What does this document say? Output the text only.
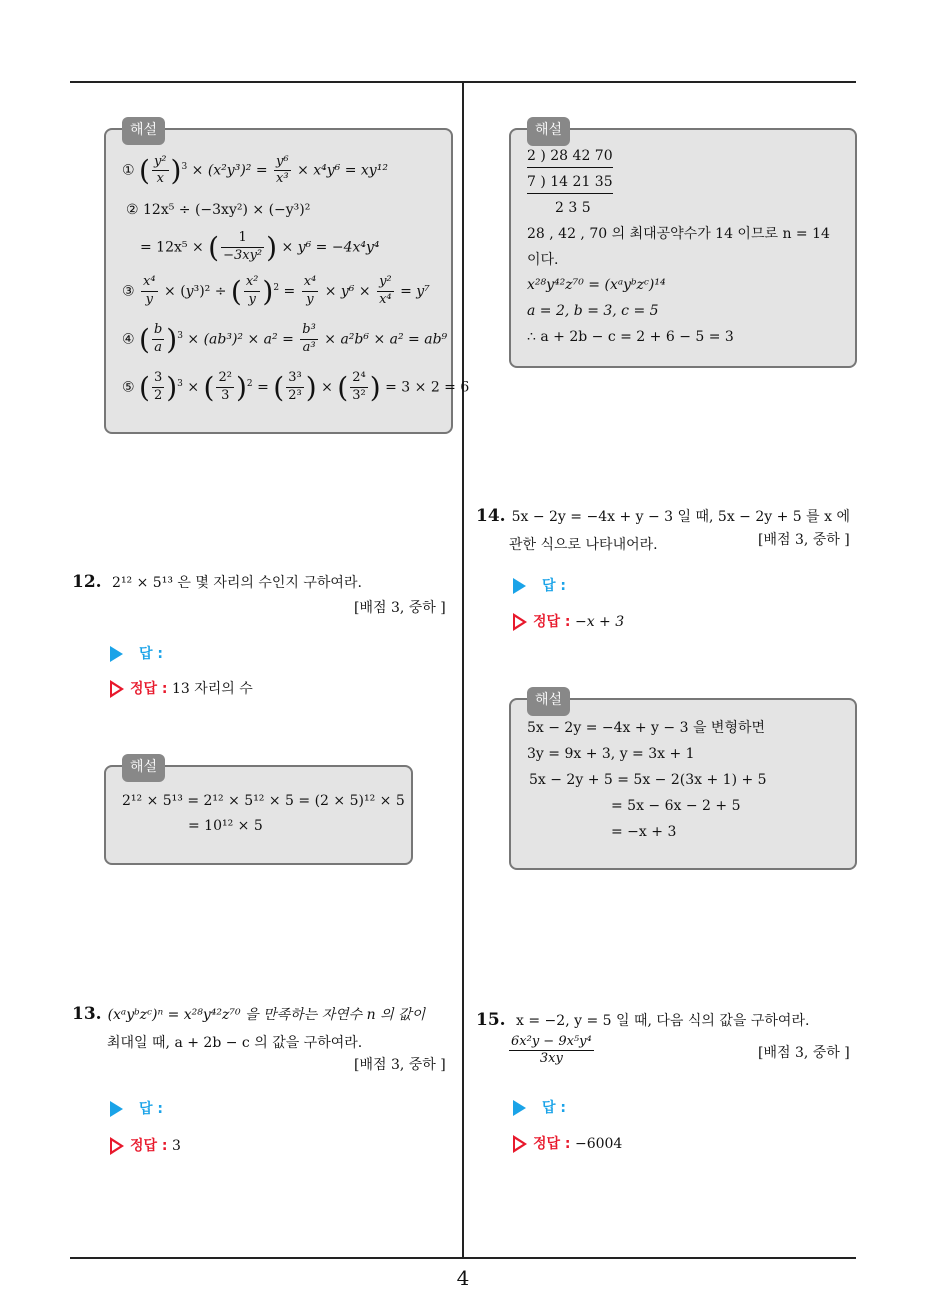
해설
① ( $\frac{\text{y²}}{x} )^3 \times (x^2y^3)^2 = \frac{\text{y⁶}}{\text{x³}} \times x^4y^6 = xy^{12}$
② 12x⁵ ÷ (−3xy²) × (−y³)²
= 12x⁵ × ( $\frac{1}{\text{−3xy²}}$ ) × y⁶ = −4x⁴y⁴
③ $\frac{\text{x⁴}}{y} \times (y^3)^2$ ÷ ( $\frac{\text{x²}}{y} )^2 = \frac{\text{x⁴}}{y} \times y^6 \times \frac{\text{y²}}{\text{x⁴}} = y^7$
④ ( $\frac{b}{a} )^3 \times (ab^3)^2 \times a^2 = \frac{\text{b³}}{\text{a³}} \times a^2b^6 \times a^2 = ab^9$
⑤ ( $\frac{3}{2} )^3$ × ( $\frac{\text{2²}}{3} )^2$ = ( $\frac{\text{3³}}{\text{2³}}$ ) × ( $\frac{\text{2⁴}}{\text{3²}}$ ) = 3 × 2 = 6
해설
2 ) 28 42 70
7 ) 14 21 35
2 3 5
28 , 42 , 70 의 최대공약수가 14 이므로 n = 14
이다.
x²⁸y⁴²z⁷⁰ = (xᵃyᵇzᶜ)¹⁴
a = 2, b = 3, c = 5
∴ a + 2b − c = 2 + 6 − 5 = 3
12. 2¹² × 5¹³ 은 몇 자리의 수인지 구하여라.
[배점 3, 중하 ]
답 :
정답 : 13 자리의 수
해설
2¹² × 5¹³ = 2¹² × 5¹² × 5 = (2 × 5)¹² × 5
= 10¹² × 5
13. (xᵃyᵇzᶜ)ⁿ = x²⁸y⁴²z⁷⁰ 을 만족하는 자연수 n 의 값이
최대일 때, a + 2b − c 의 값을 구하여라.
[배점 3, 중하 ]
답 :
정답 : 3
14. 5x − 2y = −4x + y − 3 일 때, 5x − 2y + 5 를 x 에
관한 식으로 나타내어라.	[배점 3, 중하 ]
답 :
정답 : −x + 3
해설
5x − 2y = −4x + y − 3 을 변형하면
3y = 9x + 3, y = 3x + 1
5x − 2y + 5 = 5x − 2(3x + 1) + 5
= 5x − 6x − 2 + 5
= −x + 3
15. x = −2, y = 5 일 때, 다음 식의 값을 구하여라.
$\frac{\text{6x²y − 9x⁵y⁴}}{3xy}$	[배점 3, 중하 ]
답 :
정답 : −6004
4
